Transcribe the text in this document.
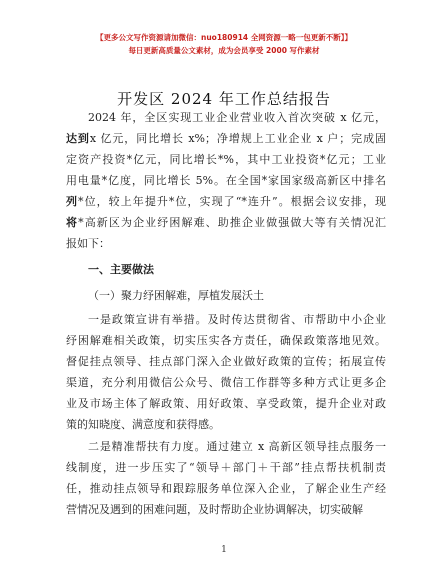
【更多公文写作资源请加微信：nuo180914 全网资源一略一包更新不断】】
每日更新高质量公文素材，成为会员享受 2000 写作素材
开发区 2024 年工作总结报告
2024 年，全区实现工业企业营业收入首次突破 x 亿元，
达到x 亿元，同比增长 x%；净增规上工业企业 x 户；完成固
定资产投资*亿元，同比增长*%，其中工业投资*亿元；工业
用电量*亿度，同比增长 5%。在全国*家国家级高新区中排名
列*位，较上年提升*位，实现了“*连升”。根据会议安排，现
将*高新区为企业纾困解难、助推企业做强做大等有关情况汇
报如下：
一、主要做法
（一）聚力纾困解难，厚植发展沃土
一是政策宣讲有举措。及时传达贯彻省、市帮助中小企业
纾困解难相关政策，切实压实各方责任，确保政策落地见效。
督促挂点领导、挂点部门深入企业做好政策的宣传；拓展宣传
渠道，充分利用微信公众号、微信工作群等多种方式让更多企
业及市场主体了解政策、用好政策、享受政策，提升企业对政
策的知晓度、满意度和获得感。
二是精准帮扶有力度。通过建立 x 高新区领导挂点服务一
线制度，进一步压实了“领导＋部门＋干部”挂点帮扶机制责
任，推动挂点领导和跟踪服务单位深入企业，了解企业生产经
营情况及遇到的困难问题，及时帮助企业协调解决，切实破解
1
